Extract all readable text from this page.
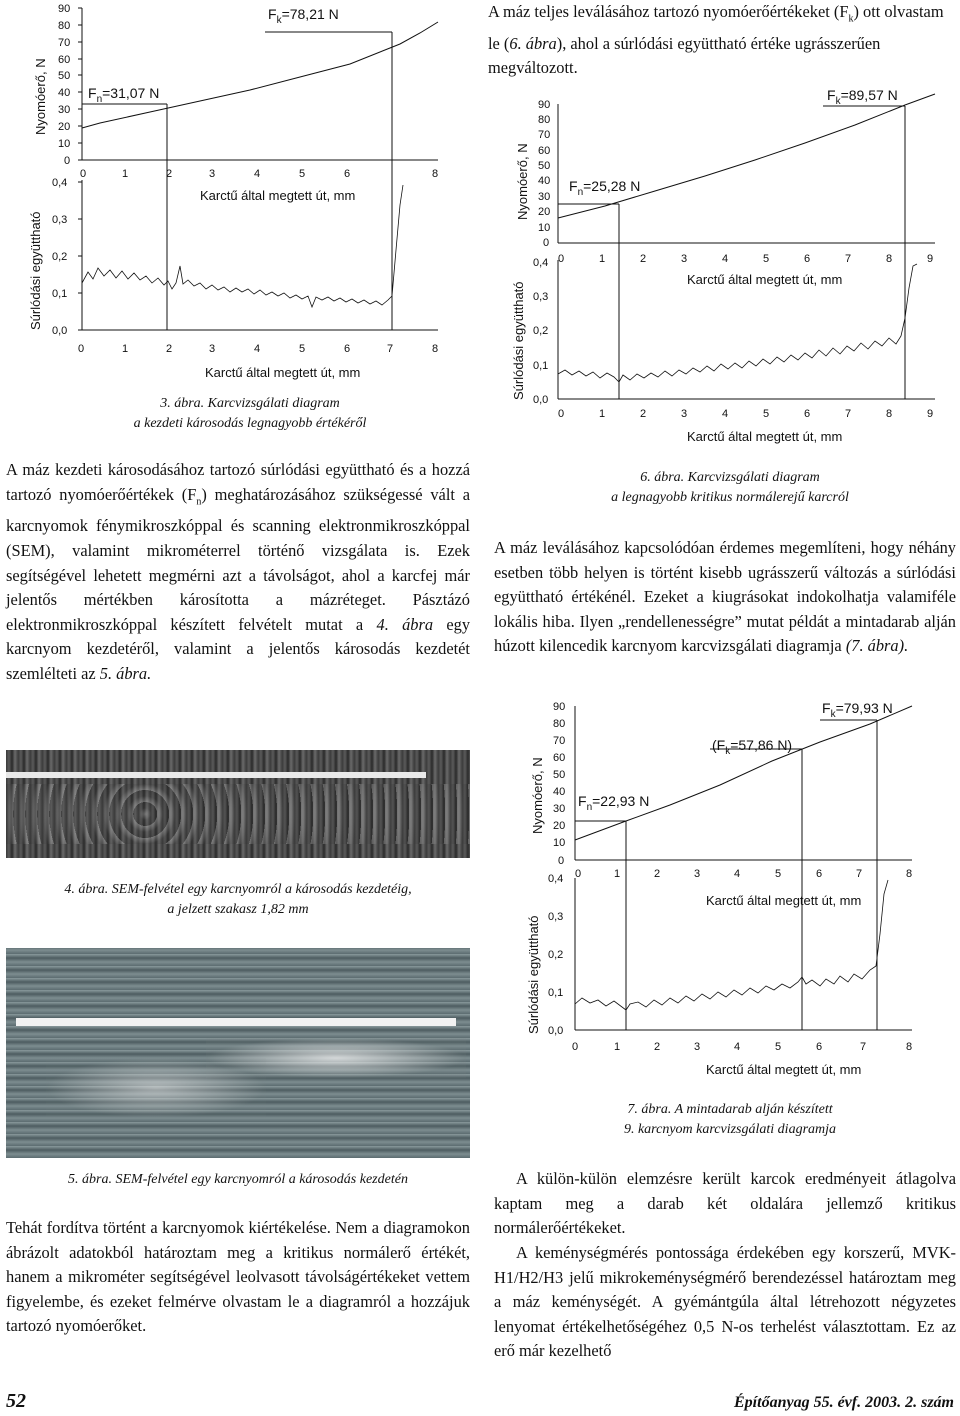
90
80
70
60
50
40
30
20
10
0
0,4
0,3
0,2
0,1
0,0
0	1	2	3	4	5	6	8
0	1	2	3	4	5	6	7	8
Karctű által megtett út, mm
Karctű által megtett út, mm
Nyomóerő, N
Súrlódási együttható
$F_n=31,07$ N
$F_k=78,21$ N
3. ábra. Karcvizsgálati diagram
a kezdeti károsodás legnagyobb értékéről
A máz teljes leválásához tartozó nyomóerőértékeket $(F_k)$ ott olvastam le (6. ábra), ahol a súrlódási együttható értéke ugrásszerűen megváltozott.
90
80
70
60
50
40
30
20
10
0
0,4
0,3
0,2
0,1
0,0
0	1	2	3	4	5	6	7	8	9
0	1	2	3	4	5	6	7	8	9
Karctű által megtett út, mm
Karctű által megtett út, mm
Nyomóerő, N
Súrlódási együttható
$F_n=25,28$ N
$F_k=89,57$ N
6. ábra. Karcvizsgálati diagram
a legnagyobb kritikus normálerejű karcról
A máz kezdeti károsodásához tartozó súrlódási együttható és a hozzá tartozó nyomóerőértékek $(F_n)$ meghatározásához szükségessé vált a karcnyomok fénymikroszkóppal és scanning elektronmikroszkóppal (SEM), valamint mikrométerrel történő vizsgálata is. Ezek segítségével lehetett megmérni azt a távolságot, ahol a karcfej már jelentős mértékben károsította a mázréteget. Pásztázó elektronmikroszkóppal készített felvételt mutat a 4. ábra egy karcnyom kezdetéről, valamint a jelentős károsodás kezdetét szemlélteti az 5. ábra.
A máz leválásához kapcsolódóan érdemes megemlíteni, hogy néhány esetben több helyen is történt kisebb ugrásszerű változás a súrlódási együttható értékénél. Ezeket a kiugrásokat indokolhatja valamiféle lokális hiba. Ilyen „rendellenességre” mutat példát a mintadarab alján húzott kilencedik karcnyom karcvizsgálati diagramja (7. ábra).
4. ábra. SEM-felvétel egy karcnyomról a károsodás kezdetéig,
a jelzett szakasz 1,82 mm
5. ábra. SEM-felvétel egy karcnyomról a károsodás kezdetén
90
80
70
60
50
40
30
20
10
0
0,4
0,3
0,2
0,1
0,0
0	1	2	3	4	5	6	7	8
0	1	2	3	4	5	6	7	8
Karctű által megtett út, mm
Karctű által megtett út, mm
Nyomóerő, N
Súrlódási együttható
$F_n=22,93$ N
($F_k=57,86$ N)
$F_k=79,93$ N
7. ábra. A mintadarab alján készített
9. karcnyom karcvizsgálati diagramja
Tehát fordítva történt a karcnyomok kiértékelése. Nem a diagramokon ábrázolt adatokból határoztam meg a kritikus normálerő értékét, hanem a mikrométer segítségével leolvasott távolságértékeket vettem figyelembe, és ezeket felmérve olvastam le a diagramról a hozzájuk tartozó nyomóerőket.
A külön-külön elemzésre került karcok eredményeit átlagolva kaptam meg a darab két oldalára jellemző kritikus normálerőértékeket.
A keménységmérés pontossága érdekében egy korszerű, MVK-H1/H2/H3 jelű mikrokeménységmérő berendezéssel határoztam meg a máz keménységét. A gyémántgúla által létrehozott négyzetes lenyomat értékelhetőségéhez 0,5 N-os terhelést választottam. Ez az erő már kezelhető
52	Építőanyag 55. évf. 2003. 2. szám
